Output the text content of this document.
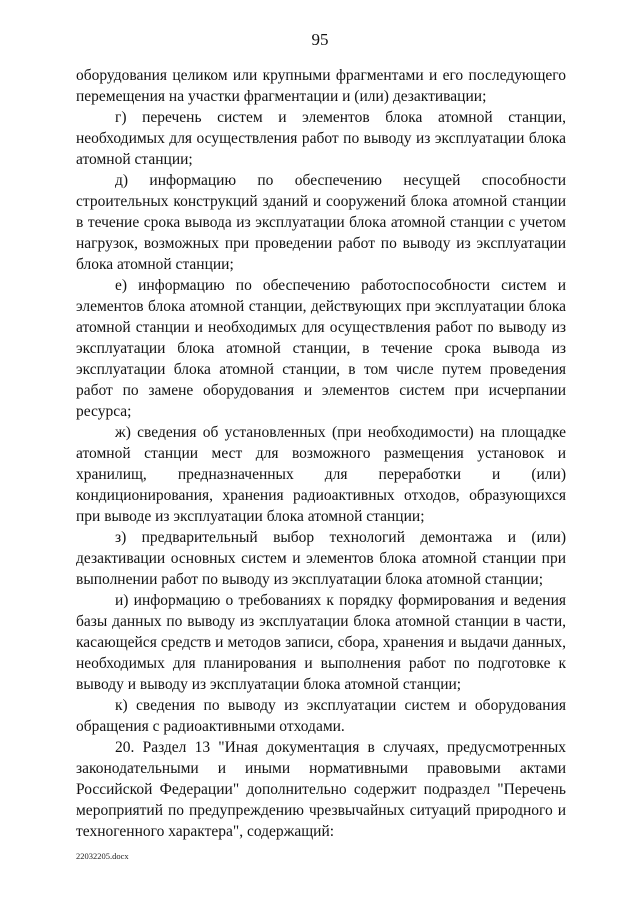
95

оборудования целиком или крупными фрагментами и его последующего перемещения на участки фрагментации и (или) дезактивации;

г) перечень систем и элементов блока атомной станции, необходимых для осуществления работ по выводу из эксплуатации блока атомной станции;

д) информацию по обеспечению несущей способности строительных конструкций зданий и сооружений блока атомной станции в течение срока вывода из эксплуатации блока атомной станции с учетом нагрузок, возможных при проведении работ по выводу из эксплуатации блока атомной станции;

е) информацию по обеспечению работоспособности систем и элементов блока атомной станции, действующих при эксплуатации блока атомной станции и необходимых для осуществления работ по выводу из эксплуатации блока атомной станции, в течение срока вывода из эксплуатации блока атомной станции, в том числе путем проведения работ по замене оборудования и элементов систем при исчерпании ресурса;

ж) сведения об установленных (при необходимости) на площадке атомной станции мест для возможного размещения установок и хранилищ, предназначенных для переработки и (или) кондиционирования, хранения радиоактивных отходов, образующихся при выводе из эксплуатации блока атомной станции;

з) предварительный выбор технологий демонтажа и (или) дезактивации основных систем и элементов блока атомной станции при выполнении работ по выводу из эксплуатации блока атомной станции;

и) информацию о требованиях к порядку формирования и ведения базы данных по выводу из эксплуатации блока атомной станции в части, касающейся средств и методов записи, сбора, хранения и выдачи данных, необходимых для планирования и выполнения работ по подготовке к выводу и выводу из эксплуатации блока атомной станции;

к) сведения по выводу из эксплуатации систем и оборудования обращения с радиоактивными отходами.

20. Раздел 13 "Иная документация в случаях, предусмотренных законодательными и иными нормативными правовыми актами Российской Федерации" дополнительно содержит подраздел "Перечень мероприятий по предупреждению чрезвычайных ситуаций природного и техногенного характера", содержащий:

22032205.docx
